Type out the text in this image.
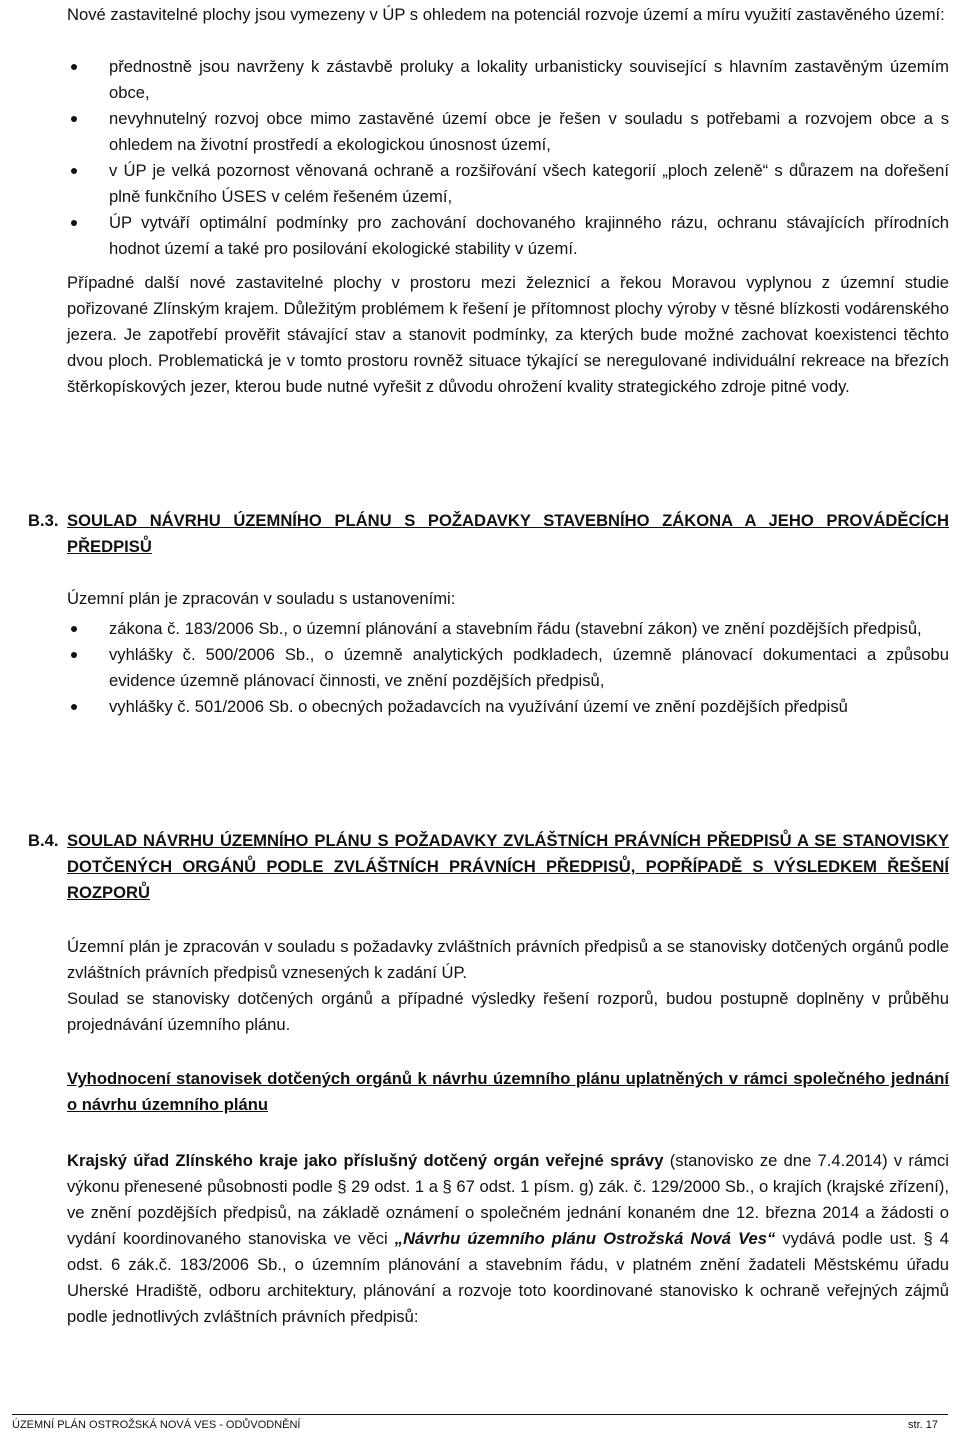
Nové zastavitelné plochy jsou vymezeny v ÚP s ohledem na potenciál rozvoje území a míru využití zastavěného území:

přednostně jsou navrženy k zástavbě proluky a lokality urbanisticky související s hlavním zastavěným územím obce,
nevyhnutelný rozvoj obce mimo zastavěné území obce je řešen v souladu s potřebami a rozvojem obce a s ohledem na životní prostředí a ekologickou únosnost území,
v ÚP je velká pozornost věnovaná ochraně a rozšiřování všech kategorií „ploch zeleně“ s důrazem na dořešení plně funkčního ÚSES v celém řešeném území,
ÚP vytváří optimální podmínky pro zachování dochovaného krajinného rázu, ochranu stávajících přírodních hodnot území a také pro posilování ekologické stability v území.

Případné další nové zastavitelné plochy v prostoru mezi železnicí a řekou Moravou vyplynou z územní studie pořizované Zlínským krajem. Důležitým problémem k řešení je přítomnost plochy výroby v těsné blízkosti vodárenského jezera. Je zapotřebí prověřit stávající stav a stanovit podmínky, za kterých bude možné zachovat koexistenci těchto dvou ploch. Problematická je v tomto prostoru rovněž situace týkající se neregulované individuální rekreace na březích štěrkopískových jezer, kterou bude nutné vyřešit z důvodu ohrožení kvality strategického zdroje pitné vody.

B.3. SOULAD NÁVRHU ÚZEMNÍHO PLÁNU S POŽADAVKY STAVEBNÍHO ZÁKONA A JEHO PROVÁDĚCÍCH PŘEDPISŮ

Územní plán je zpracován v souladu s ustanoveními:

zákona č. 183/2006 Sb., o územní plánování a stavebním řádu (stavební zákon) ve znění pozdějších předpisů,
vyhlášky č. 500/2006 Sb., o územně analytických podkladech, územně plánovací dokumentaci a způsobu evidence územně plánovací činnosti, ve znění pozdějších předpisů,
vyhlášky č. 501/2006 Sb. o obecných požadavcích na využívání území ve znění pozdějších předpisů
B.4. SOULAD NÁVRHU ÚZEMNÍHO PLÁNU S POŽADAVKY ZVLÁŠTNÍCH PRÁVNÍCH PŘEDPISŮ A SE STANOVISKY DOTČENÝCH ORGÁNŮ PODLE ZVLÁŠTNÍCH PRÁVNÍCH PŘEDPISŮ, POPŘÍPADĚ S VÝSLEDKEM ŘEŠENÍ ROZPORŮ

Územní plán je zpracován v souladu s požadavky zvláštních právních předpisů a se stanovisky dotčených orgánů podle zvláštních právních předpisů vznesených k zadání ÚP.

Soulad se stanovisky dotčených orgánů a případné výsledky řešení rozporů, budou postupně doplněny v průběhu projednávání územního plánu.

Vyhodnocení stanovisek dotčených orgánů k návrhu územního plánu uplatněných v rámci společného jednání o návrhu územního plánu

Krajský úřad Zlínského kraje jako příslušný dotčený orgán veřejné správy (stanovisko ze dne 7.4.2014) v rámci výkonu přenesené působnosti podle § 29 odst. 1 a § 67 odst. 1 písm. g) zák. č. 129/2000 Sb., o krajích (krajské zřízení), ve znění pozdějších předpisů, na základě oznámení o společném jednání konaném dne 12. března 2014 a žádosti o vydání koordinovaného stanoviska ve věci „Návrhu územního plánu Ostrožská Nová Ves“ vydává podle ust. § 4 odst. 6 zák.č. 183/2006 Sb., o územním plánování a stavebním řádu, v platném znění žadateli Městskému úřadu Uherské Hradiště, odboru architektury, plánování a rozvoje toto koordinované stanovisko k ochraně veřejných zájmů podle jednotlivých zvláštních právních předpisů:

ÚZEMNÍ PLÁN OSTROŽSKÁ NOVÁ VES - ODŮVODNĚNÍ	str. 17
